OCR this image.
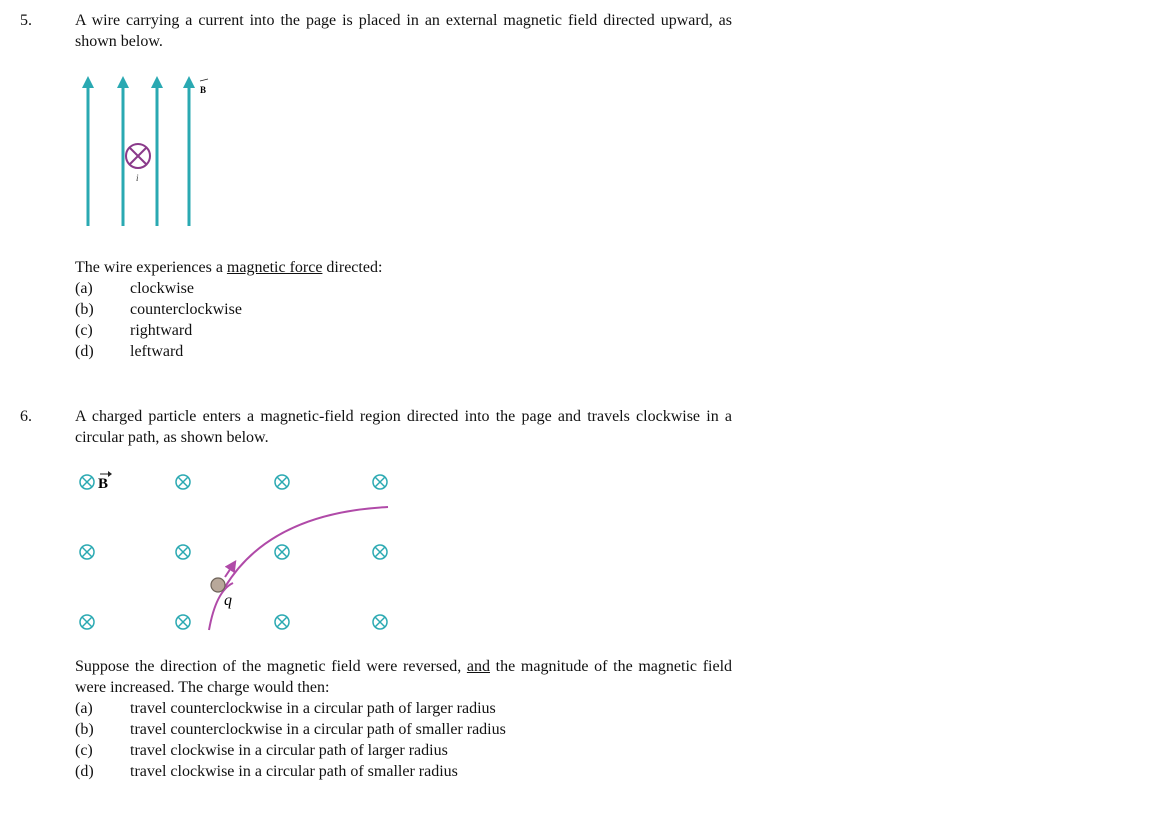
5.	A wire carrying a current into the page is placed in an external magnetic field directed upward, as shown below.
B
i
The wire experiences a magnetic force directed:
(a)	clockwise
(b)	counterclockwise
(c)	rightward
(d)	leftward
6.	A charged particle enters a magnetic-field region directed into the page and travels clockwise in a circular path, as shown below.
B
q
Suppose the direction of the magnetic field were reversed, and the magnitude of the magnetic field were increased. The charge would then:
(a)	travel counterclockwise in a circular path of larger radius
(b)	travel counterclockwise in a circular path of smaller radius
(c)	travel clockwise in a circular path of larger radius
(d)	travel clockwise in a circular path of smaller radius
